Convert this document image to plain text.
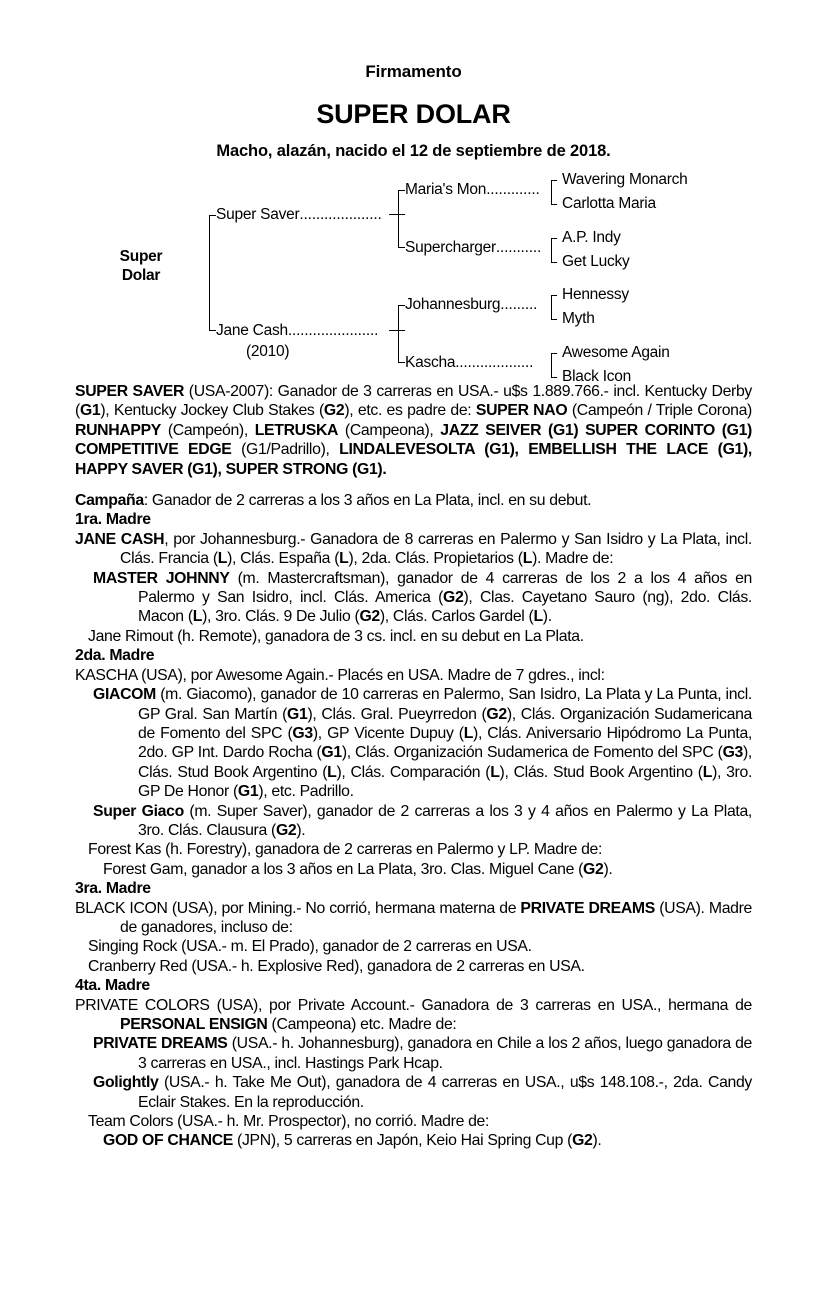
Firmamento
SUPER DOLAR
Macho, alazán, nacido el 12 de septiembre de 2018.
Super
Dolar
Super Saver....................
Jane Cash......................
(2010)
Maria's Mon.............
Supercharger...........
Johannesburg.........
Kascha...................
Wavering Monarch
Carlotta Maria
A.P. Indy
Get Lucky
Hennessy
Myth
Awesome Again
Black Icon
SUPER SAVER (USA-2007): Ganador de 3 carreras en USA.- u$s 1.889.766.- incl. Kentucky Derby (G1), Kentucky Jockey Club Stakes (G2), etc. es padre de: SUPER NAO (Campeón / Triple Corona) RUNHAPPY (Campeón), LETRUSKA (Campeona), JAZZ SEIVER (G1) SUPER CORINTO (G1) COMPETITIVE EDGE (G1/Padrillo), LINDALEVESOLTA (G1), EMBELLISH THE LACE (G1), HAPPY SAVER (G1), SUPER STRONG (G1).
Campaña: Ganador de 2 carreras a los 3 años en La Plata, incl. en su debut.
1ra. Madre
JANE CASH, por Johannesburg.- Ganadora de 8 carreras en Palermo y San Isidro y La Plata, incl. Clás. Francia (L), Clás. España (L), 2da. Clás. Propietarios (L). Madre de:
MASTER JOHNNY (m. Mastercraftsman), ganador de 4 carreras de los 2 a los 4 años en Palermo y San Isidro, incl. Clás. America (G2), Clas. Cayetano Sauro (ng), 2do. Clás. Macon (L), 3ro. Clás. 9 De Julio (G2), Clás. Carlos Gardel (L).
Jane Rimout (h. Remote), ganadora de 3 cs. incl. en su debut en La Plata.
2da. Madre
KASCHA (USA), por Awesome Again.- Placés en USA. Madre de 7 gdres., incl:
GIACOM (m. Giacomo), ganador de 10 carreras en Palermo, San Isidro, La Plata y La Punta, incl. GP Gral. San Martín (G1), Clás. Gral. Pueyrredon (G2), Clás. Organización Sudamericana de Fomento del SPC (G3), GP Vicente Dupuy (L), Clás. Aniversario Hipódromo La Punta, 2do. GP Int. Dardo Rocha (G1), Clás. Organización Sudamerica de Fomento del SPC (G3), Clás. Stud Book Argentino (L), Clás. Comparación (L), Clás. Stud Book Argentino (L), 3ro. GP De Honor (G1), etc. Padrillo.
Super Giaco (m. Super Saver), ganador de 2 carreras a los 3 y 4 años en Palermo y La Plata, 3ro. Clás. Clausura (G2).
Forest Kas (h. Forestry), ganadora de 2 carreras en Palermo y LP. Madre de:
Forest Gam, ganador a los 3 años en La Plata, 3ro. Clas. Miguel Cane (G2).
3ra. Madre
BLACK ICON (USA), por Mining.- No corrió, hermana materna de PRIVATE DREAMS (USA). Madre de ganadores, incluso de:
Singing Rock (USA.- m. El Prado), ganador de 2 carreras en USA.
Cranberry Red (USA.- h. Explosive Red), ganadora de 2 carreras en USA.
4ta. Madre
PRIVATE COLORS (USA), por Private Account.- Ganadora de 3 carreras en USA., hermana de PERSONAL ENSIGN (Campeona) etc. Madre de:
PRIVATE DREAMS (USA.- h. Johannesburg), ganadora en Chile a los 2 años, luego ganadora de 3 carreras en USA., incl. Hastings Park Hcap.
Golightly (USA.- h. Take Me Out), ganadora de 4 carreras en USA., u$s 148.108.-, 2da. Candy Eclair Stakes. En la reproducción.
Team Colors (USA.- h. Mr. Prospector), no corrió. Madre de:
GOD OF CHANCE (JPN), 5 carreras en Japón, Keio Hai Spring Cup (G2).
